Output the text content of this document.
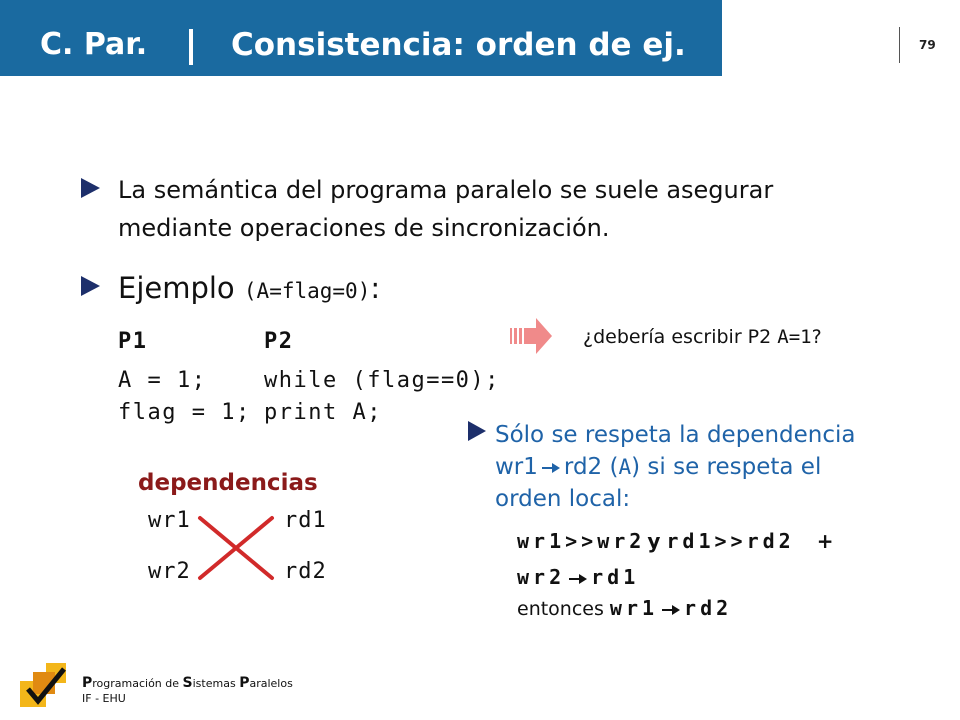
C. Par.	Consistencia: orden de ej.	79
La semántica del programa paralelo se suele asegurar
mediante operaciones de sincronización.
Ejemplo (A=flag=0):
P1	P2
A = 1;	while (flag==0);
flag = 1; print A;
¿debería escribir P2 A=1?
Sólo se respeta la dependencia
wr1 rd2 (A) si se respeta el
orden local:
wr1>>wr2 y rd1>>rd2 +
wr2 rd1
entonces wr1 rd2
dependencias
wr1	rd1
wr2	rd2
Programación de Sistemas Paralelos
IF - EHU
